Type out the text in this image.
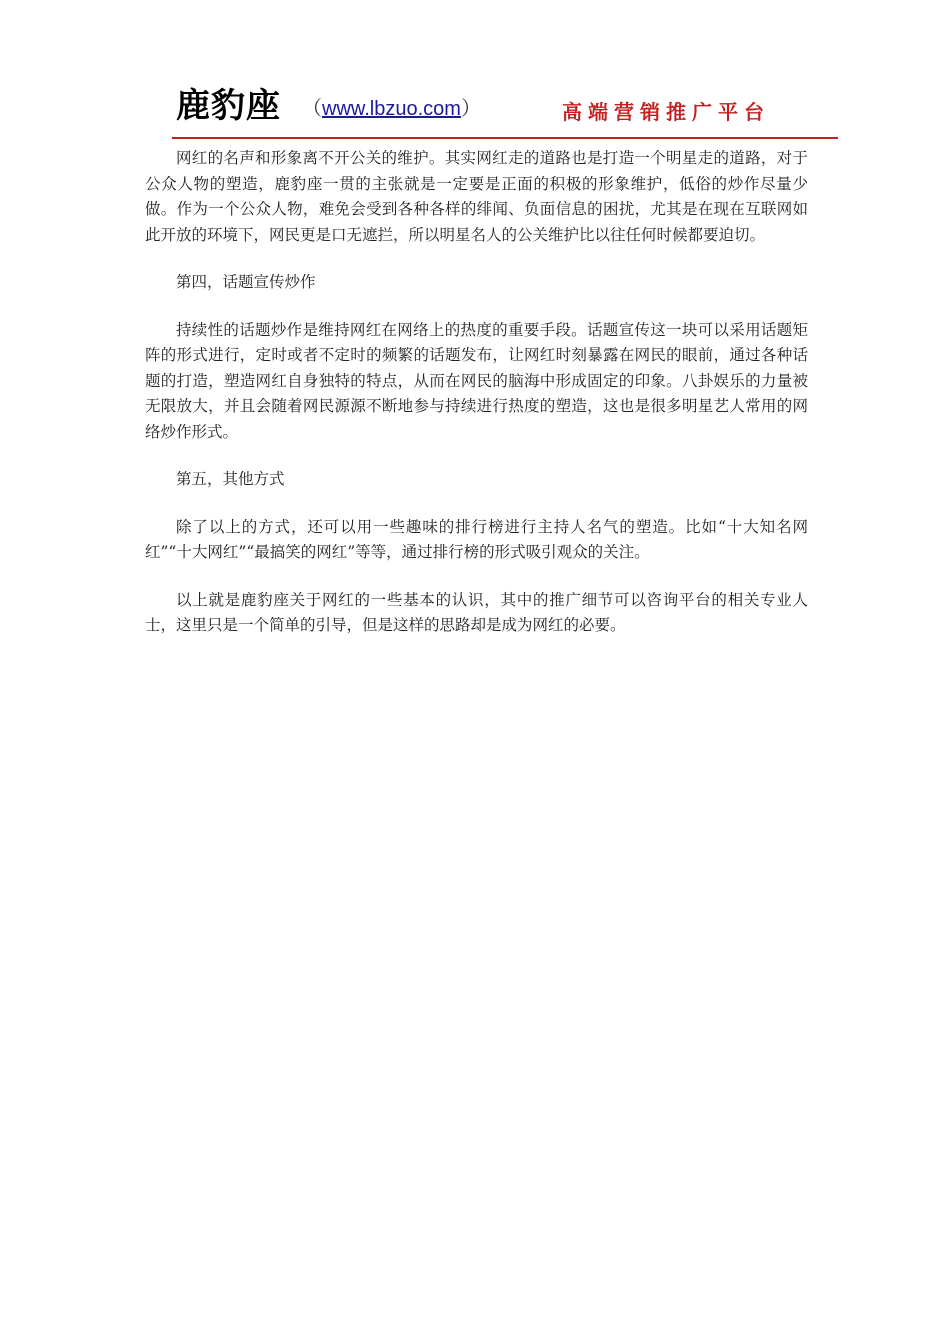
鹿豹座 （www.lbzuo.com）	高端营销推广平台

网红的名声和形象离不开公关的维护。其实网红走的道路也是打造一个明星走的道路，对于公众人物的塑造，鹿豹座一贯的主张就是一定要是正面的积极的形象维护，低俗的炒作尽量少做。作为一个公众人物，难免会受到各种各样的绯闻、负面信息的困扰，尤其是在现在互联网如此开放的环境下，网民更是口无遮拦，所以明星名人的公关维护比以往任何时候都要迫切。

第四，话题宣传炒作

持续性的话题炒作是维持网红在网络上的热度的重要手段。话题宣传这一块可以采用话题矩阵的形式进行，定时或者不定时的频繁的话题发布，让网红时刻暴露在网民的眼前，通过各种话题的打造，塑造网红自身独特的特点，从而在网民的脑海中形成固定的印象。八卦娱乐的力量被无限放大，并且会随着网民源源不断地参与持续进行热度的塑造，这也是很多明星艺人常用的网络炒作形式。

第五，其他方式

除了以上的方式，还可以用一些趣味的排行榜进行主持人名气的塑造。比如“十大知名网红”“十大网红”“最搞笑的网红”等等，通过排行榜的形式吸引观众的关注。

以上就是鹿豹座关于网红的一些基本的认识，其中的推广细节可以咨询平台的相关专业人士，这里只是一个简单的引导，但是这样的思路却是成为网红的必要。
